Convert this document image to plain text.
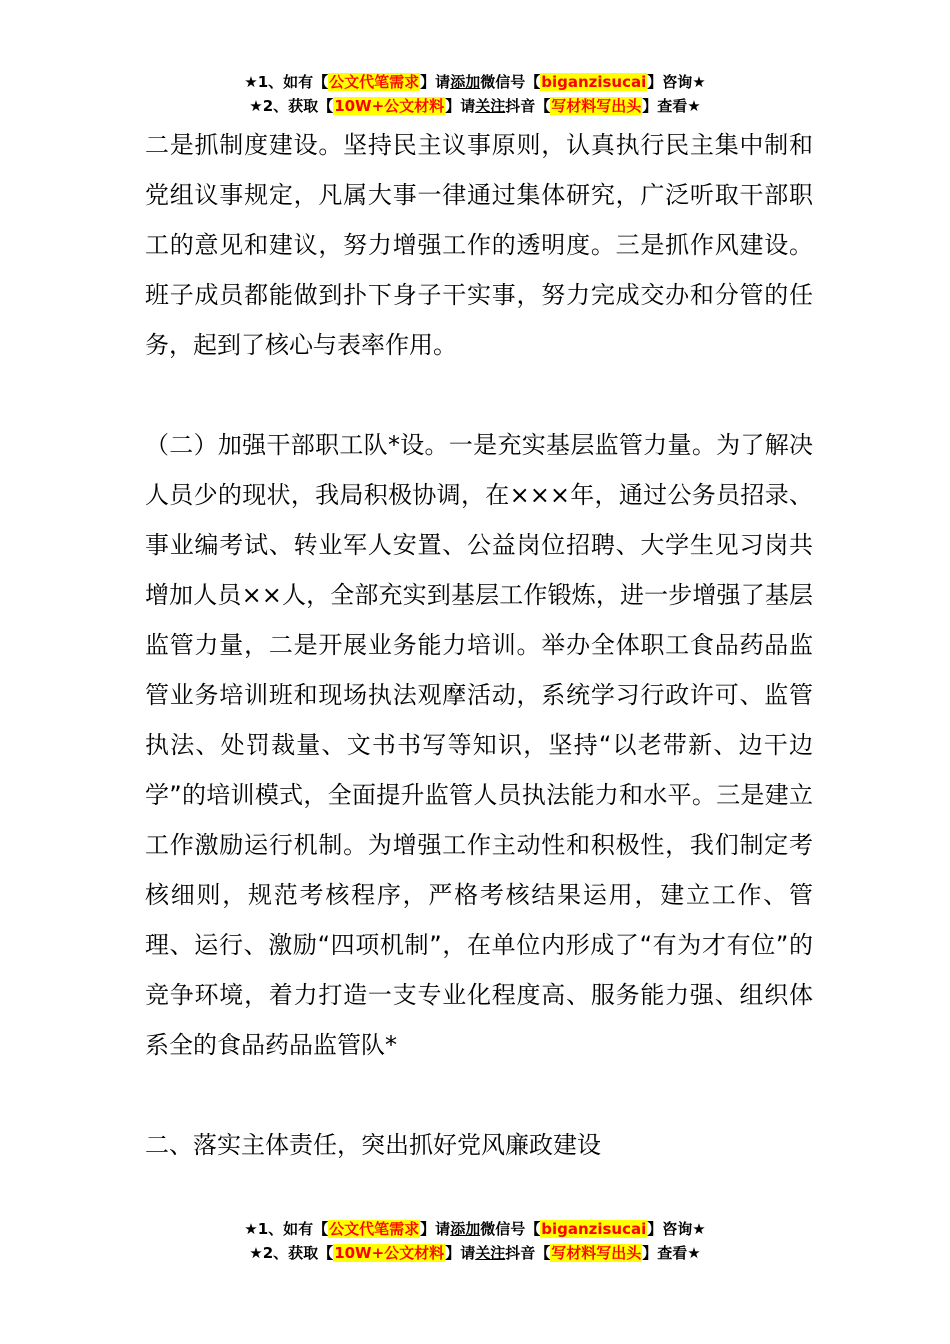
★1、如有【公文代笔需求】请添加微信号【biganzisucai】咨询★
★2、获取【10W+公文材料】请关注抖音【写材料写出头】查看★

二是抓制度建设。坚持民主议事原则，认真执行民主集中制和党组议事规定，凡属大事一律通过集体研究，广泛听取干部职工的意见和建议，努力增强工作的透明度。三是抓作风建设。班子成员都能做到扑下身子干实事，努力完成交办和分管的任务，起到了核心与表率作用。

（二）加强干部职工队*设。一是充实基层监管力量。为了解决人员少的现状，我局积极协调，在×××年，通过公务员招录、事业编考试、转业军人安置、公益岗位招聘、大学生见习岗共增加人员××人，全部充实到基层工作锻炼，进一步增强了基层监管力量，二是开展业务能力培训。举办全体职工食品药品监管业务培训班和现场执法观摩活动，系统学习行政许可、监管执法、处罚裁量、文书书写等知识，坚持“以老带新、边干边学”的培训模式，全面提升监管人员执法能力和水平。三是建立工作激励运行机制。为增强工作主动性和积极性，我们制定考核细则，规范考核程序，严格考核结果运用，建立工作、管理、运行、激励“四项机制”，在单位内形成了“有为才有位”的竞争环境，着力打造一支专业化程度高、服务能力强、组织体系全的食品药品监管队*

二、落实主体责任，突出抓好党风廉政建设

★1、如有【公文代笔需求】请添加微信号【biganzisucai】咨询★
★2、获取【10W+公文材料】请关注抖音【写材料写出头】查看★
